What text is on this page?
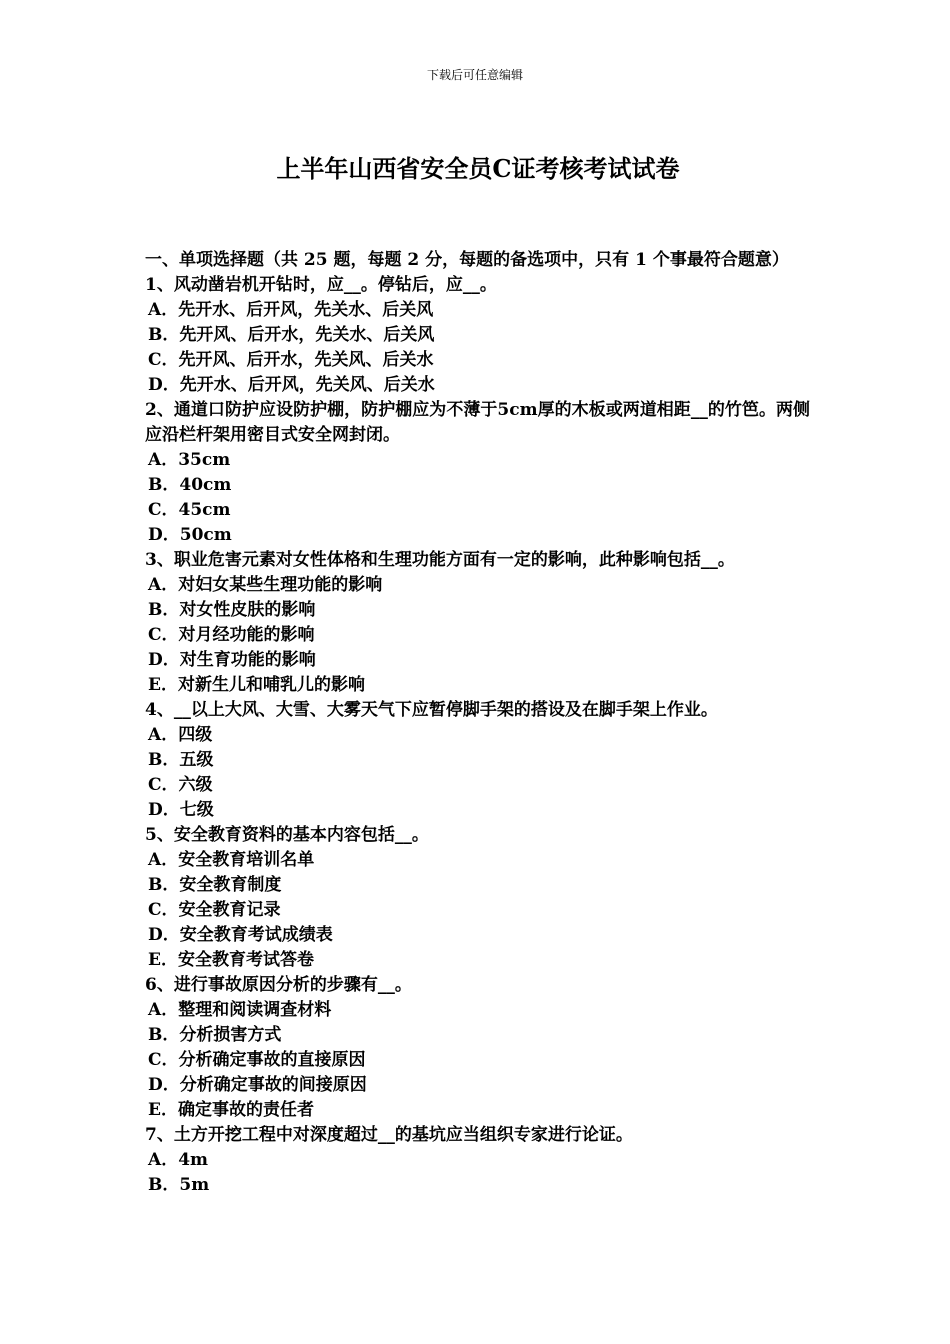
下载后可任意编辑
上半年山西省安全员C证考核考试试卷
一、单项选择题（共 25 题，每题 2 分，每题的备选项中，只有 1 个事最符合题意）
1、风动凿岩机开钻时，应__。停钻后，应__。
A．先开水、后开风，先关水、后关风
B．先开风、后开水，先关水、后关风
C．先开风、后开水，先关风、后关水
D．先开水、后开风，先关风、后关水
2、通道口防护应设防护棚，防护棚应为不薄于5cm厚的木板或两道相距__的竹笆。两侧应沿栏杆架用密目式安全网封闭。
A．35cm
B．40cm
C．45cm
D．50cm
3、职业危害元素对女性体格和生理功能方面有一定的影响，此种影响包括__。
A．对妇女某些生理功能的影响
B．对女性皮肤的影响
C．对月经功能的影响
D．对生育功能的影响
E．对新生儿和哺乳儿的影响
4、__以上大风、大雪、大雾天气下应暂停脚手架的搭设及在脚手架上作业。
A．四级
B．五级
C．六级
D．七级
5、安全教育资料的基本内容包括__。
A．安全教育培训名单
B．安全教育制度
C．安全教育记录
D．安全教育考试成绩表
E．安全教育考试答卷
6、进行事故原因分析的步骤有__。
A．整理和阅读调查材料
B．分析损害方式
C．分析确定事故的直接原因
D．分析确定事故的间接原因
E．确定事故的责任者
7、土方开挖工程中对深度超过__的基坑应当组织专家进行论证。
A．4m
B．5m
